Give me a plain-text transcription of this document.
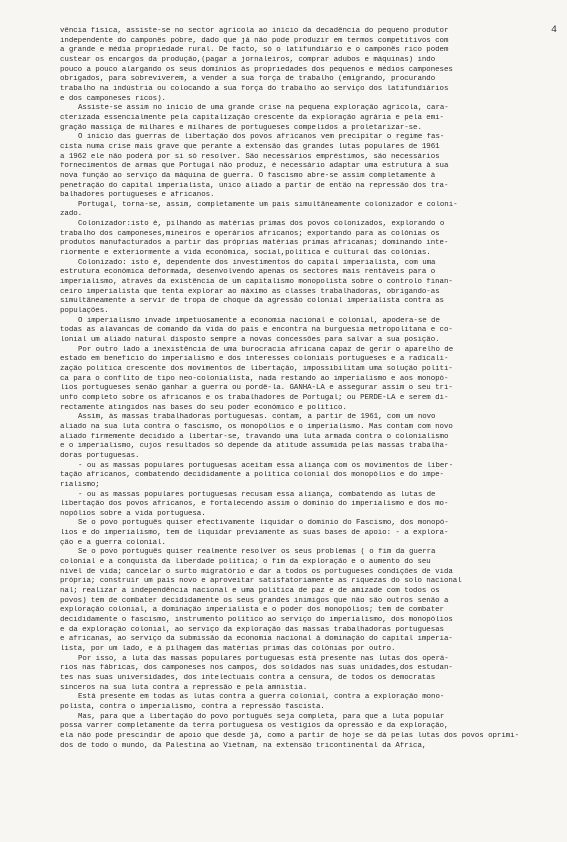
4
vência fisica, assiste-se no sector agrícola ao início da decadência do pequeno produtor
independente do camponês pobre, dado que já não pode produzir em termos competitivos com
a grande e média propriedade rural. De facto, só o latifundiário e o camponês rico podem
custear os encargos da produção,(pagar a jornaleiros, comprar adubos e máquinas) indo
pouco a pouco alargando os seus domínios às propriedades dos pequenos e médios camponeses
obrigados, para sobreviverem, a vender a sua força de trabalho (emigrando, procurando
trabalho na indústria ou colocando a sua força do trabalho ao serviço dos latifundiários
e dos camponeses ricos).
Assiste-se assim no início de uma grande crise na pequena exploração agrícola, cara-
cterizada essencialmente pela capitalização crescente da exploração agrária e pela emi-
gração massiça de milhares e milhares de portugueses compelidos a proletarizar-se.
O início das guerras de libertação dos povos africanos vem precipitar o regime fas-
cista numa crise mais grave que perante a extensão das grandes lutas populares de 1961
a 1962 ele não poderá por si só resolver. São necessários empréstimos, são necessários
fornecimentos de armas que Portugal não produz, é necessário adaptar uma estrutura à sua
nova função ao serviço da máquina de guerra. O fascismo abre-se assim completamente à
penetração do capital imperialista, único aliado a partir de então na repressão dos tra-
balhadores portugueses e africanos.
Portugal, torna-se, assim, completamente um país simultâneamente colonizador e coloni-
zado.
Colonizador:isto é, pilhando as matérias primas dos povos colonizados, explorando o
trabalho dos camponeses,mineiros e operários africanos; exportando para as colónias os
produtos manufacturados a partir das próprias matérias primas africanas; dominando inte-
riormente e exteriormente a vida económica, social,política e cultural das colónias.
Colonizado: isto é, dependente dos investimentos do capital imperialista, com uma
estrutura económica deformada, desenvolvendo apenas os sectores mais rentáveis para o
imperialismo, através da existência de um capitalismo monopolista sobre o controlo finan-
ceiro imperialista que tenta explorar ao máximo as classes trabalhadoras, obrigando-as
simultâneamente a servir de tropa de choque da agressão colonial imperialista contra as
populações.
O imperialismo invade impetuosamente a economia nacional e colonial, apodera-se de
todas as alavancas de comando da vida do país e encontra na burguesia metropolitana e co-
lonial um aliado natural disposto sempre a novas concessões para salvar a sua posição.
Por outro lado a inexistência de uma burocracia africana capaz de gerir o aparelho de
estado em benefício do imperialismo e dos interesses coloniais portugueses e a radicali-
zação política crescente dos movimentos de libertação, impossibilitam uma solução políti-
ca para o conflito de tipo neo-colonialista, nada restando ao imperialismo e aos monopó-
lios portugueses senão ganhar a guerra ou pordê-la. GANHA-LA e assegurar assim o seu tri-
unfo completo sobre os africanos e os trabalhadores de Portugal; ou PERDE-LA e serem di-
rectamente atingidos nas bases do seu poder económico e político.
Assim, às massas trabalhadoras portuguesas. contam, a partir de 1961, com um novo
aliado na sua luta contra o fascismo, os monopólios e o imperialismo. Mas contam com novo
aliado firmemente decidido a libertar-se, travando uma luta armada contra o colonialismo
e o imperialismo, cujos resultados só depende da atitude assumida pelas massas trabalha-
doras portuguesas.
- ou as massas populares portuguesas aceitam essa aliança com os movimentos de liber-
tação africanos, combatendo decididamente a política colonial dos monopólios e do impe-
rialismo;
- ou as massas populares portuguesas recusam essa aliança, combatendo as lutas de
libertação dos povos africanos, e fortalecendo assim o domínio do imperialismo e dos mo-
nopólios sobre a vida portuguesa.
Se o povo português quiser efectivamente liquidar o domínio do Fascismo, dos monopó-
lios e do imperialismo, tem de liquidar previamente as suas bases de apoio: - a explora-
ção e a guerra colonial.
Se o povo português quiser realmente resolver os seus problemas ( o fim da guerra
colonial e a conquista da liberdade política; o fim da exploração e o aumento do seu
nível de vida; cancelar o surto migratório e dar a todos os portugueses condições de vida
própria; construir um país novo e aproveitar satisfatoriamente as riquezas do solo nacional
nal; realizar a independência nacional e uma política de paz e de amizade com todos os
povos) tem de combater decididamente os seus grandes inimigos que não são outros senão a
exploração colonial, a dominação imperialista e o poder dos monopólios; tem de combater
decididamente o fascismo, instrumento político ao serviço do imperialismo, dos monopólios
e da exploração colonial, ao serviço da exploração das massas trabalhadoras portuguesas
e africanas, ao serviço da submissão da economia nacional à dominação do capital imperia-
lista, por um lado, e à pilhagem das matérias primas das colónias por outro.
Por isso, a luta das massas populares portuguesas está presente nas lutas dos operá-
rios nas fábricas, dos camponeses nos campos, dos soldados nas suas unidades,dos estudan-
tes nas suas universidades, dos intelectuais contra a censura, de todos os democratas
sinceros na sua luta contra a repressão e pela amnistia.
Está presente em todas as lutas contra a guerra colonial, contra a exploração mono-
polista, contra o imperialismo, contra a repressão fascista.
Mas, para que a libertação do povo português seja completa, para que a luta popular
possa varrer completamente da terra portuguesa os vestígios da opressão e da exploração,
ela não pode prescindir de apoio que desde já, como a partir de hoje se dá pelas lutas dos povos oprimi-
dos de todo o mundo, da Palestina ao Vietnam, na extensão tricontinental da África,
